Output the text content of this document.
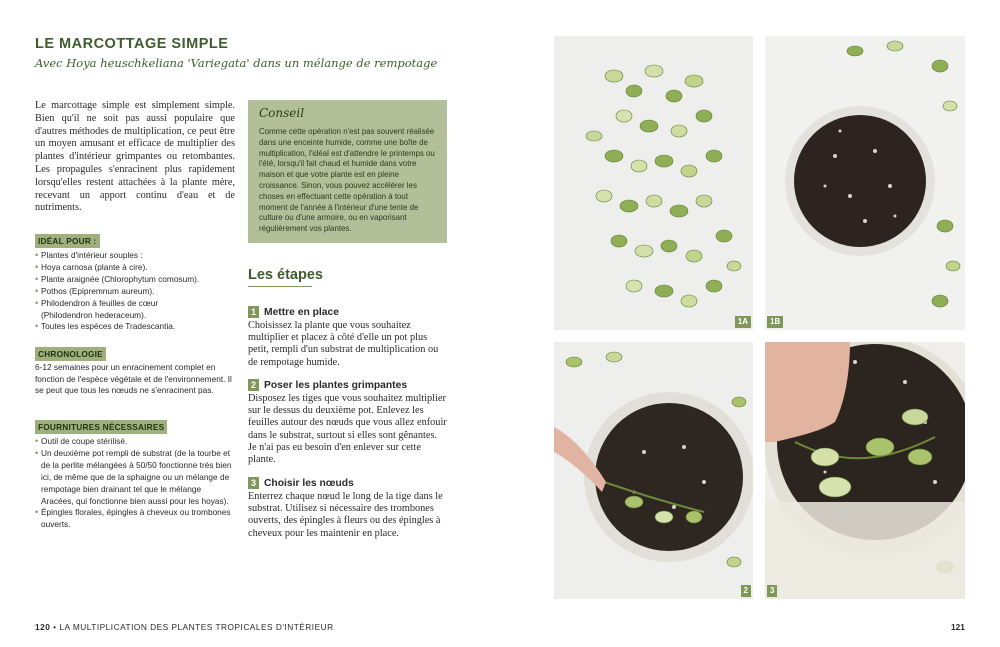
LE MARCOTTAGE SIMPLE
Avec Hoya heuschkeliana 'Variegata' dans un mélange de rempotage
Le marcottage simple est simplement simple. Bien qu'il ne soit pas aussi populaire que d'autres méthodes de multiplication, ce peut être un moyen amusant et efficace de multiplier des plantes d'intérieur grimpantes ou retombantes. Les propagules s'enracinent plus rapidement lorsqu'elles restent attachées à la plante mère, recevant un apport continu d'eau et de nutriments.
IDÉAL POUR :
• Plantes d'intérieur souples :
• Hoya carnosa (plante à cire).
• Plante araignée (Chlorophytum comosum).
• Pothos (Epipremnum aureum).
• Philodendron à feuilles de cœur
(Philodendron hederaceum).
• Toutes les espèces de Tradescantia.
CHRONOLOGIE
6-12 semaines pour un enracinement complet en fonction de l'espèce végétale et de l'environnement. Il se peut que tous les nœuds ne s'enracinent pas.
FOURNITURES NÉCESSAIRES
• Outil de coupe stérilisé.
• Un deuxième pot rempli de substrat (de la tourbe et de la perlite mélangées à 50/50 fonctionne très bien ici, de même que de la sphaigne ou un mélange de rempotage bien drainant tel que le mélange Aracées, qui fonctionne bien aussi pour les hoyas).
• Épingles florales, épingles à cheveux ou trombones ouverts.
Conseil
Comme cette opération n'est pas souvent réalisée dans une enceinte humide, comme une boîte de multiplication, l'idéal est d'attendre le printemps ou l'été, lorsqu'il fait chaud et humide dans votre maison et que votre plante est en pleine croissance. Sinon, vous pouvez accélérer les choses en effectuant cette opération à tout moment de l'année à l'intérieur d'une tente de culture ou d'une armoire, ou en vaporisant régulièrement vos plantes.
Les étapes
1 Mettre en place
Choisissez la plante que vous souhaitez multiplier et placez à côté d'elle un pot plus petit, rempli d'un substrat de multiplication ou de rempotage humide.
2 Poser les plantes grimpantes
Disposez les tiges que vous souhaitez multiplier sur le dessus du deuxième pot. Enlevez les feuilles autour des nœuds que vous allez enfouir dans le substrat, surtout si elles sont gênantes. Je n'ai pas eu besoin d'en enlever sur cette plante.
3 Choisir les nœuds
Enterrez chaque nœud le long de la tige dans le substrat. Utilisez si nécessaire des trombones ouverts, des épingles à fleurs ou des épingles à cheveux pour les maintenir en place.
1A	1B
2	3
120 • LA MULTIPLICATION DES PLANTES TROPICALES D'INTÉRIEUR	121
